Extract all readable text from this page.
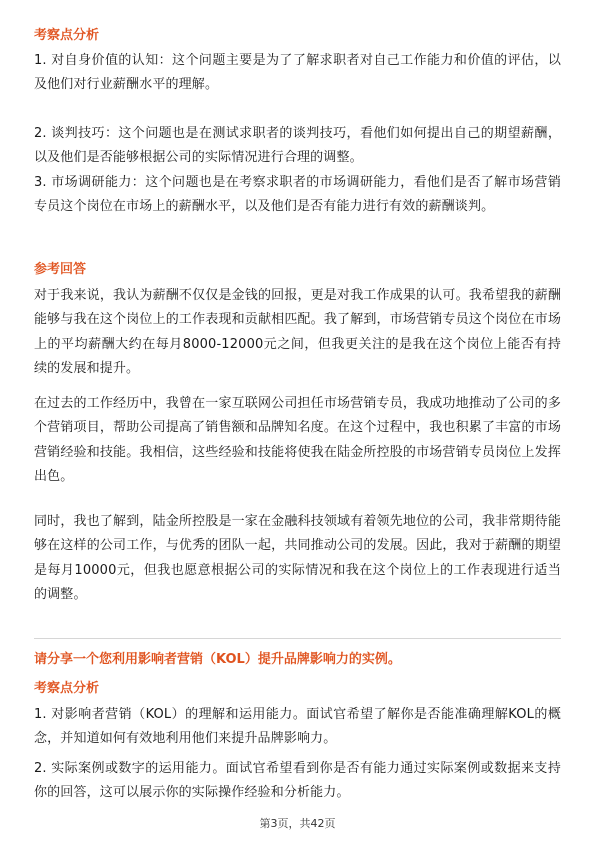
考察点分析

1. 对自身价值的认知：这个问题主要是为了了解求职者对自己工作能力和价值的评估，以及他们对行业薪酬水平的理解。

2. 谈判技巧：这个问题也是在测试求职者的谈判技巧，看他们如何提出自己的期望薪酬，以及他们是否能够根据公司的实际情况进行合理的调整。

3. 市场调研能力：这个问题也是在考察求职者的市场调研能力，看他们是否了解市场营销专员这个岗位在市场上的薪酬水平，以及他们是否有能力进行有效的薪酬谈判。

参考回答

对于我来说，我认为薪酬不仅仅是金钱的回报，更是对我工作成果的认可。我希望我的薪酬能够与我在这个岗位上的工作表现和贡献相匹配。我了解到，市场营销专员这个岗位在市场上的平均薪酬大约在每月8000-12000元之间，但我更关注的是我在这个岗位上能否有持续的发展和提升。

在过去的工作经历中，我曾在一家互联网公司担任市场营销专员，我成功地推动了公司的多个营销项目，帮助公司提高了销售额和品牌知名度。在这个过程中，我也积累了丰富的市场营销经验和技能。我相信，这些经验和技能将使我在陆金所控股的市场营销专员岗位上发挥出色。

同时，我也了解到，陆金所控股是一家在金融科技领域有着领先地位的公司，我非常期待能够在这样的公司工作，与优秀的团队一起，共同推动公司的发展。因此，我对于薪酬的期望是每月10000元，但我也愿意根据公司的实际情况和我在这个岗位上的工作表现进行适当的调整。

请分享一个您利用影响者营销（KOL）提升品牌影响力的实例。

考察点分析

1. 对影响者营销（KOL）的理解和运用能力。面试官希望了解你是否能准确理解KOL的概念，并知道如何有效地利用他们来提升品牌影响力。

2. 实际案例或数字的运用能力。面试官希望看到你是否有能力通过实际案例或数据来支持你的回答，这可以展示你的实际操作经验和分析能力。

第3页，共42页
